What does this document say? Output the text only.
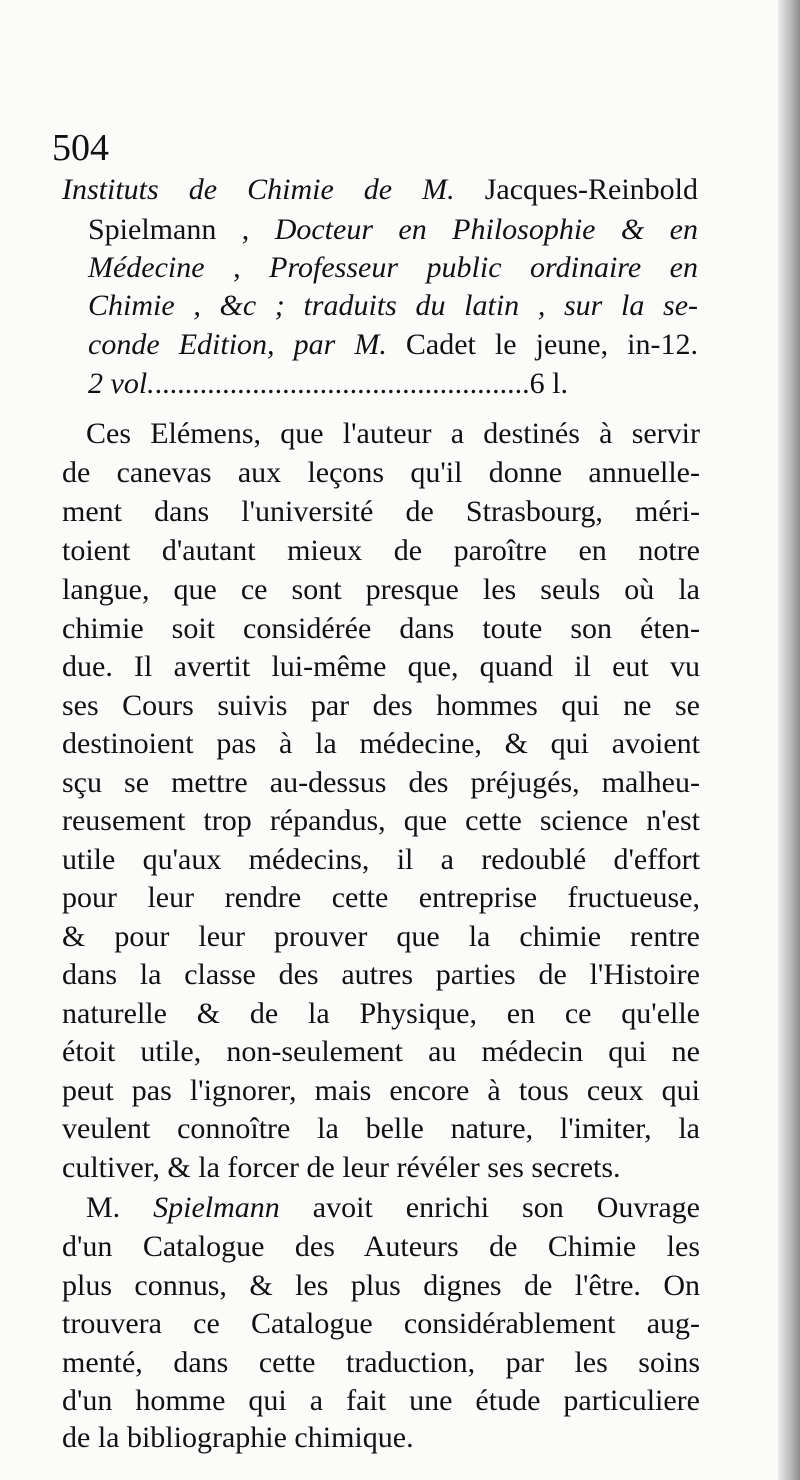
504
Instituts de Chimie de M. Jacques-Reinbold
Spielmann , Docteur en Philosophie & en
Médecine , Professeur public ordinaire en
Chimie , &c ; traduits du latin , sur la se-
conde Edition, par M. Cadet le jeune, in-12.
2 vol...................................................6 l.
Ces Elémens, que l'auteur a destinés à servir
de canevas aux leçons qu'il donne annuelle-
ment dans l'université de Strasbourg, méri-
toient d'autant mieux de paroître en notre
langue, que ce sont presque les seuls où la
chimie soit considérée dans toute son éten-
due. Il avertit lui-même que, quand il eut vu
ses Cours suivis par des hommes qui ne se
destinoient pas à la médecine, & qui avoient
sçu se mettre au-dessus des préjugés, malheu-
reusement trop répandus, que cette science n'est
utile qu'aux médecins, il a redoublé d'effort
pour leur rendre cette entreprise fructueuse,
& pour leur prouver que la chimie rentre
dans la classe des autres parties de l'Histoire
naturelle & de la Physique, en ce qu'elle
étoit utile, non-seulement au médecin qui ne
peut pas l'ignorer, mais encore à tous ceux qui
veulent connoître la belle nature, l'imiter, la
cultiver, & la forcer de leur révéler ses secrets.
M. Spielmann avoit enrichi son Ouvrage
d'un Catalogue des Auteurs de Chimie les
plus connus, & les plus dignes de l'être. On
trouvera ce Catalogue considérablement aug-
menté, dans cette traduction, par les soins
d'un homme qui a fait une étude particuliere
de la bibliographie chimique.
